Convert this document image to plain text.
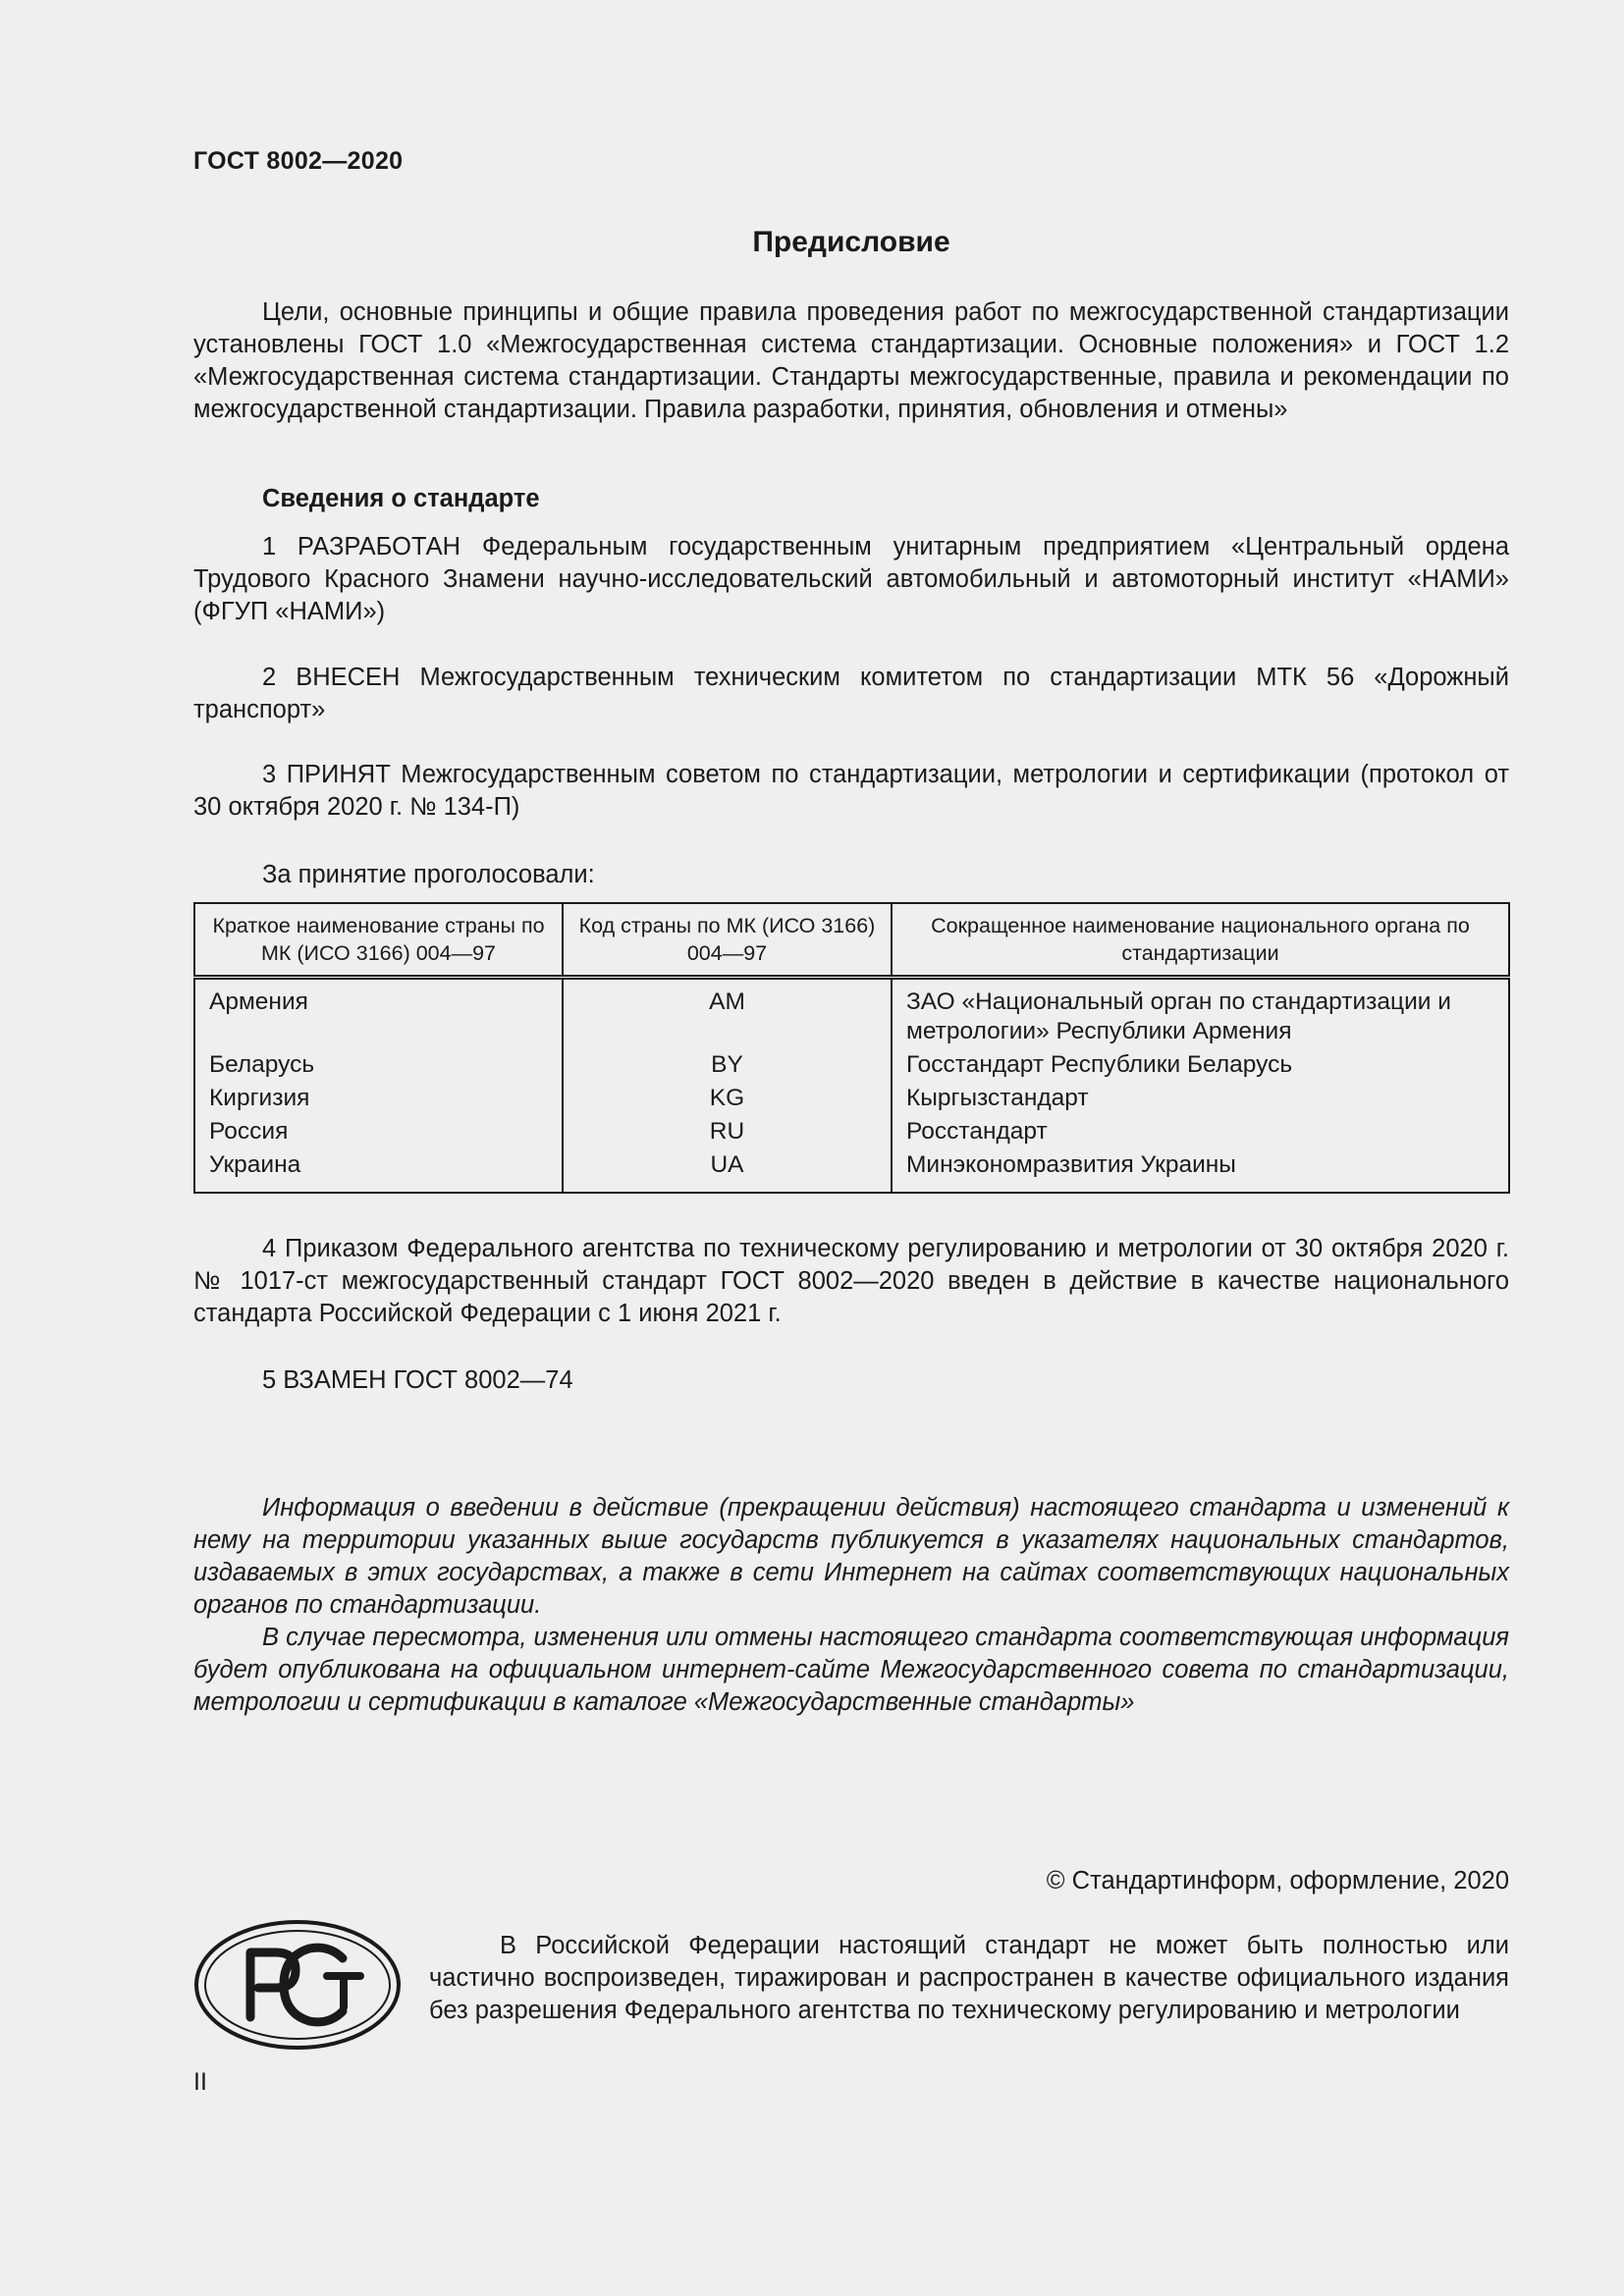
ГОСТ 8002—2020
Предисловие
Цели, основные принципы и общие правила проведения работ по межгосударственной стандартизации установлены ГОСТ 1.0 «Межгосударственная система стандартизации. Основные положения» и ГОСТ 1.2 «Межгосударственная система стандартизации. Стандарты межгосударственные, правила и рекомендации по межгосударственной стандартизации. Правила разработки, принятия, обновления и отмены»
Сведения о стандарте
1 РАЗРАБОТАН Федеральным государственным унитарным предприятием «Центральный ордена Трудового Красного Знамени научно-исследовательский автомобильный и автомоторный институт «НАМИ» (ФГУП «НАМИ»)
2 ВНЕСЕН Межгосударственным техническим комитетом по стандартизации МТК 56 «Дорожный транспорт»
3 ПРИНЯТ Межгосударственным советом по стандартизации, метрологии и сертификации (протокол от 30 октября 2020 г. № 134-П)
За принятие проголосовали:
Краткое наименование страны по МК (ИСО 3166) 004—97	Код страны по МК (ИСО 3166) 004—97	Сокращенное наименование национального органа по стандартизации
Армения	AM	ЗАО «Национальный орган по стандартизации и метрологии» Республики Армения
Беларусь	BY	Госстандарт Республики Беларусь
Киргизия	KG	Кыргызстандарт
Россия	RU	Росстандарт
Украина	UA	Минэкономразвития Украины
4 Приказом Федерального агентства по техническому регулированию и метрологии от 30 октября 2020 г. № 1017-ст межгосударственный стандарт ГОСТ 8002—2020 введен в действие в качестве национального стандарта Российской Федерации с 1 июня 2021 г.
5 ВЗАМЕН ГОСТ 8002—74
Информация о введении в действие (прекращении действия) настоящего стандарта и изменений к нему на территории указанных выше государств публикуется в указателях национальных стандартов, издаваемых в этих государствах, а также в сети Интернет на сайтах соответствующих национальных органов по стандартизации.
В случае пересмотра, изменения или отмены настоящего стандарта соответствующая информация будет опубликована на официальном интернет-сайте Межгосударственного совета по стандартизации, метрологии и сертификации в каталоге «Межгосударственные стандарты»
© Стандартинформ, оформление, 2020
В Российской Федерации настоящий стандарт не может быть полностью или частично воспроизведен, тиражирован и распространен в качестве официального издания без разрешения Федерального агентства по техническому регулированию и метрологии
II
